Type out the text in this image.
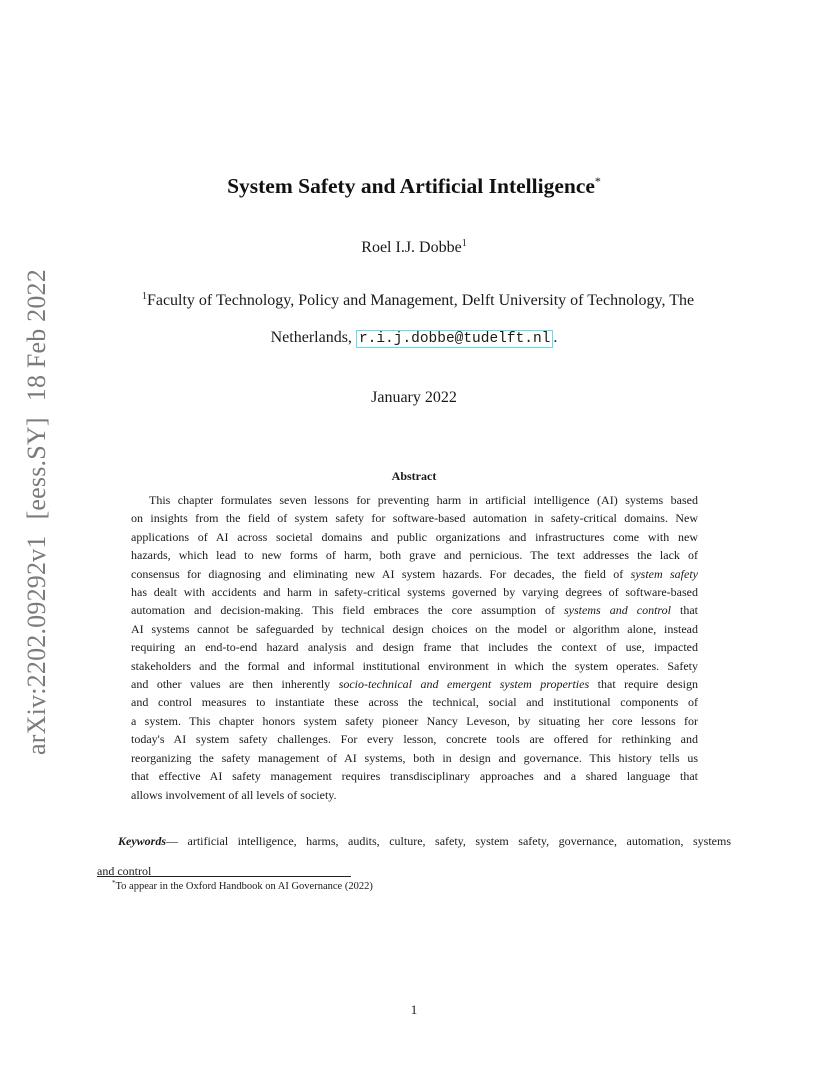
arXiv:2202.09292v1[eess.SY]18 Feb 2022
System Safety and Artificial Intelligence*
Roel I.J. Dobbe$^1$
$^1$Faculty of Technology, Policy and Management, Delft University of Technology, The
Netherlands, r.i.j.dobbe@tudelft.nl .
January 2022
Abstract
This chapter formulates seven lessons for preventing harm in artificial intelligence (AI) systems based
on insights from the field of system safety for software-based automation in safety-critical domains. New
applications of AI across societal domains and public organizations and infrastructures come with new
hazards, which lead to new forms of harm, both grave and pernicious. The text addresses the lack of
consensus for diagnosing and eliminating new AI system hazards. For decades, the field of system safety
has dealt with accidents and harm in safety-critical systems governed by varying degrees of software-based
automation and decision-making. This field embraces the core assumption of systems and control that
AI systems cannot be safeguarded by technical design choices on the model or algorithm alone, instead
requiring an end-to-end hazard analysis and design frame that includes the context of use, impacted
stakeholders and the formal and informal institutional environment in which the system operates. Safety
and other values are then inherently socio-technical and emergent system properties that require design
and control measures to instantiate these across the technical, social and institutional components of
a system. This chapter honors system safety pioneer Nancy Leveson, by situating her core lessons for
today's AI system safety challenges. For every lesson, concrete tools are offered for rethinking and
reorganizing the safety management of AI systems, both in design and governance. This history tells us
that effective AI safety management requires transdisciplinary approaches and a shared language that
allows involvement of all levels of society.
Keywords— artificial intelligence, harms, audits, culture, safety, system safety, governance, automation, systems
and control
*To appear in the Oxford Handbook on AI Governance (2022)
1
